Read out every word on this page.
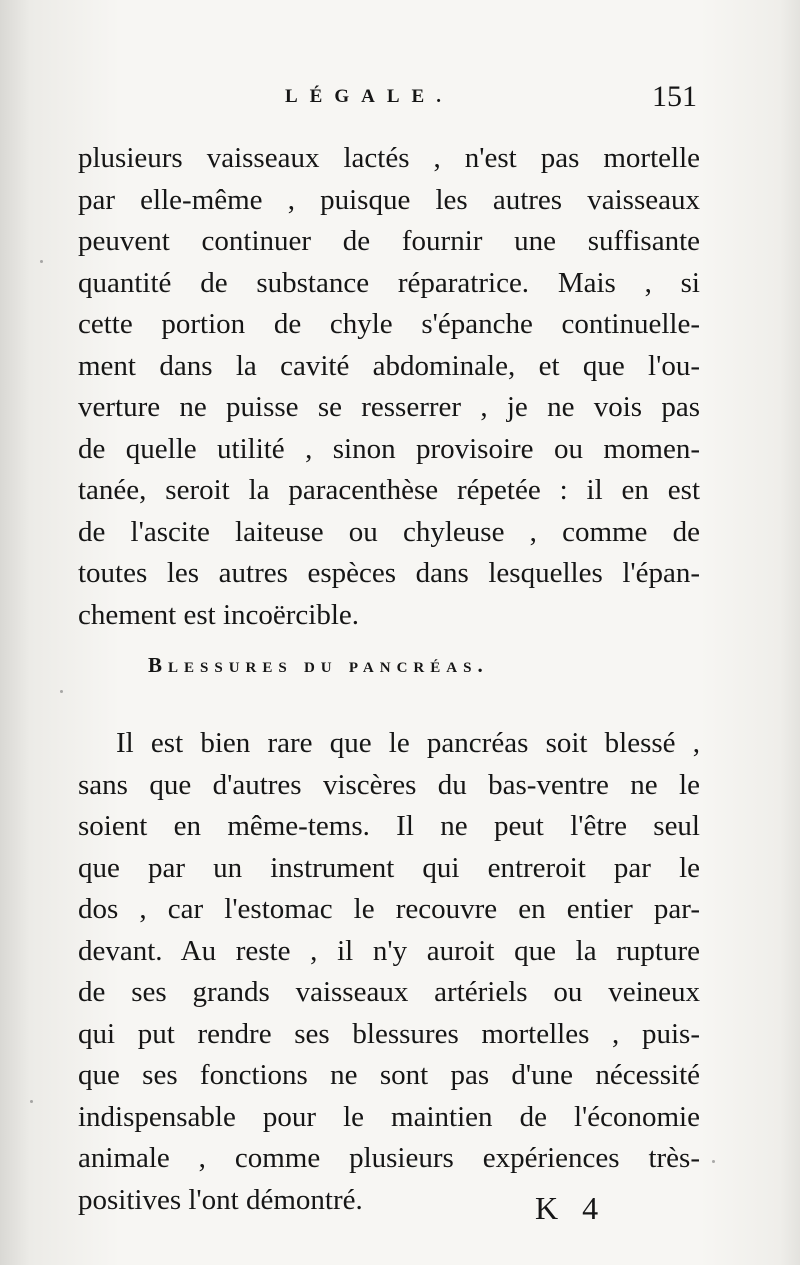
LÉGALE.	151
plusieurs vaisseaux lactés , n'est pas mortelle
par elle-même , puisque les autres vaisseaux
peuvent continuer de fournir une suffisante
quantité de substance réparatrice. Mais , si
cette portion de chyle s'épanche continuelle-
ment dans la cavité abdominale, et que l'ou-
verture ne puisse se resserrer , je ne vois pas
de quelle utilité , sinon provisoire ou momen-
tanée, seroit la paracenthèse répetée : il en est
de l'ascite laiteuse ou chyleuse , comme de
toutes les autres espèces dans lesquelles l'épan-
chement est incoërcible.
Blessures du pancréas.
Il est bien rare que le pancréas soit blessé ,
sans que d'autres viscères du bas-ventre ne le
soient en même-tems. Il ne peut l'être seul
que par un instrument qui entreroit par le
dos , car l'estomac le recouvre en entier par-
devant. Au reste , il n'y auroit que la rupture
de ses grands vaisseaux artériels ou veineux
qui put rendre ses blessures mortelles , puis-
que ses fonctions ne sont pas d'une nécessité
indispensable pour le maintien de l'économie
animale , comme plusieurs expériences très-
positives l'ont démontré.	K 4
